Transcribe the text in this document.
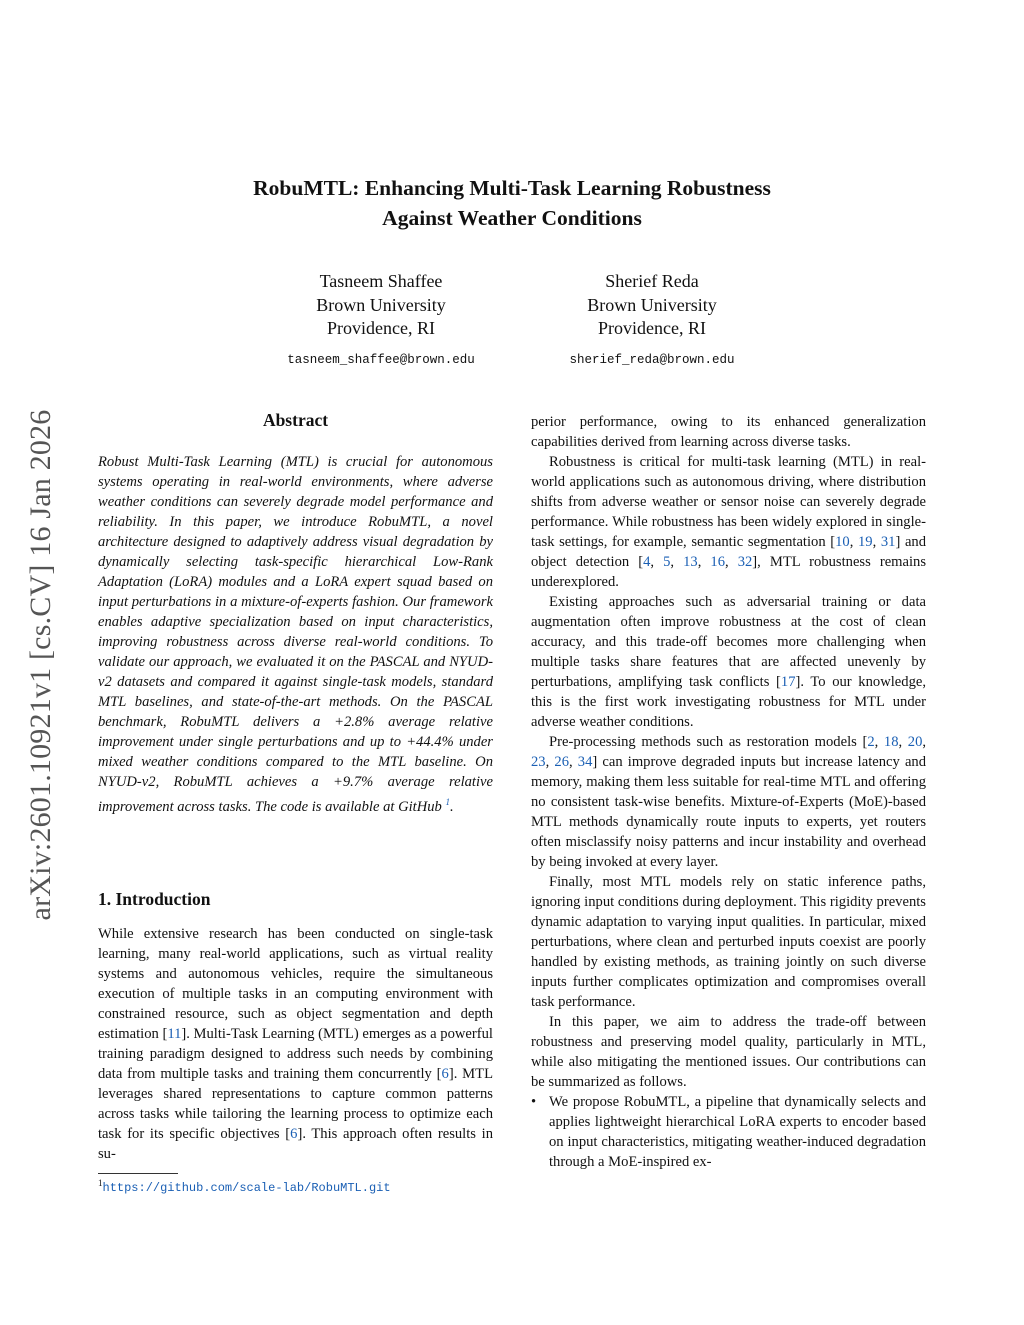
arXiv:2601.10921v1 [cs.CV] 16 Jan 2026
RobuMTL: Enhancing Multi-Task Learning Robustness
Against Weather Conditions
Tasneem Shaffee
Brown University
Providence, RI
tasneem_shaffee@brown.edu
Sherief Reda
Brown University
Providence, RI
sherief_reda@brown.edu
Abstract

Robust Multi-Task Learning (MTL) is crucial for autonomous systems operating in real-world environments, where adverse weather conditions can severely degrade model performance and reliability. In this paper, we introduce RobuMTL, a novel architecture designed to adaptively address visual degradation by dynamically selecting task-specific hierarchical Low-Rank Adaptation (LoRA) modules and a LoRA expert squad based on input perturbations in a mixture-of-experts fashion. Our framework enables adaptive specialization based on input characteristics, improving robustness across diverse real-world conditions. To validate our approach, we evaluated it on the PASCAL and NYUD-v2 datasets and compared it against single-task models, standard MTL baselines, and state-of-the-art methods. On the PASCAL benchmark, RobuMTL delivers a +2.8% average relative improvement under single perturbations and up to +44.4% under mixed weather conditions compared to the MTL baseline. On NYUD-v2, RobuMTL achieves a +9.7% average relative improvement across tasks. The code is available at GitHub $^1$.

1. Introduction

While extensive research has been conducted on single-task learning, many real-world applications, such as virtual reality systems and autonomous vehicles, require the simultaneous execution of multiple tasks in an computing environment with constrained resource, such as object segmentation and depth estimation [11]. Multi-Task Learning (MTL) emerges as a powerful training paradigm designed to address such needs by combining data from multiple tasks and training them concurrently [6]. MTL leverages shared representations to capture common patterns across tasks while tailoring the learning process to optimize each task for its specific objectives [6]. This approach often results in su-

$^1$https://github.com/scale-lab/RobuMTL.git

perior performance, owing to its enhanced generalization capabilities derived from learning across diverse tasks.

Robustness is critical for multi-task learning (MTL) in real-world applications such as autonomous driving, where distribution shifts from adverse weather or sensor noise can severely degrade performance. While robustness has been widely explored in single-task settings, for example, semantic segmentation [10, 19, 31] and object detection [4, 5, 13, 16, 32], MTL robustness remains underexplored.

Existing approaches such as adversarial training or data augmentation often improve robustness at the cost of clean accuracy, and this trade-off becomes more challenging when multiple tasks share features that are affected unevenly by perturbations, amplifying task conflicts [17]. To our knowledge, this is the first work investigating robustness for MTL under adverse weather conditions.

Pre-processing methods such as restoration models [2, 18, 20, 23, 26, 34] can improve degraded inputs but increase latency and memory, making them less suitable for real-time MTL and offering no consistent task-wise benefits. Mixture-of-Experts (MoE)-based MTL methods dynamically route inputs to experts, yet routers often misclassify noisy patterns and incur instability and overhead by being invoked at every layer.

Finally, most MTL models rely on static inference paths, ignoring input conditions during deployment. This rigidity prevents dynamic adaptation to varying input qualities. In particular, mixed perturbations, where clean and perturbed inputs coexist are poorly handled by existing methods, as training jointly on such diverse inputs further complicates optimization and compromises overall task performance.

In this paper, we aim to address the trade-off between robustness and preserving model quality, particularly in MTL, while also mitigating the mentioned issues. Our contributions can be summarized as follows.

• We propose RobuMTL, a pipeline that dynamically selects and applies lightweight hierarchical LoRA experts to encoder based on input characteristics, mitigating weather-induced degradation through a MoE-inspired ex-
